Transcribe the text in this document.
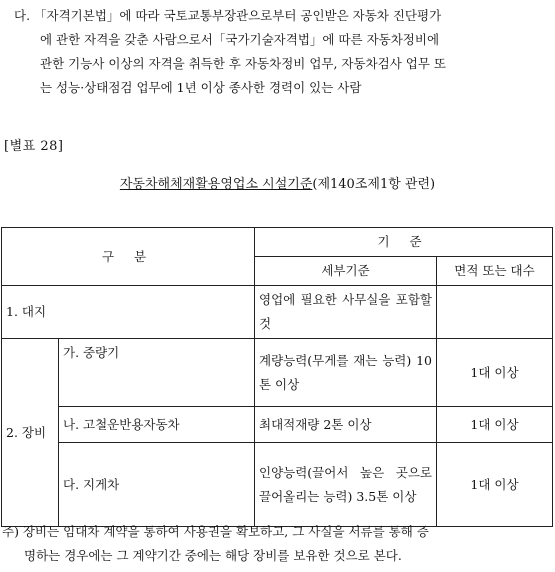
다. 「자격기본법」에 따라 국토교통부장관으로부터 공인받은 자동차 진단평가
에 관한 자격을 갖춘 사람으로서「국가기술자격법」에 따른 자동차정비에
관한 기능사 이상의 자격을 취득한 후 자동차정비 업무, 자동차검사 업무 또
는 성능·상태점검 업무에 1년 이상 종사한 경력이 있는 사람
[별표 28]
자동차해체재활용영업소 시설기준(제140조제1항 관련)
구 분		기 준	
		세부기준	면적 또는 대수
1. 대지		영업에 필요한 사무실을 포함할 것	
2. 장비	가. 중량기	계량능력(무게를 재는 능력) 10톤 이상	1대 이상
	나. 고철운반용자동차	최대적재량 2톤 이상	1대 이상
	다. 지게차	인양능력(끌어서 높은 곳으로 끌어올리는 능력) 3.5톤 이상	1대 이상
주) 장비는 임대차 계약을 통하여 사용권을 확보하고, 그 사실을 서류를 통해 증
명하는 경우에는 그 계약기간 중에는 해당 장비를 보유한 것으로 본다.
